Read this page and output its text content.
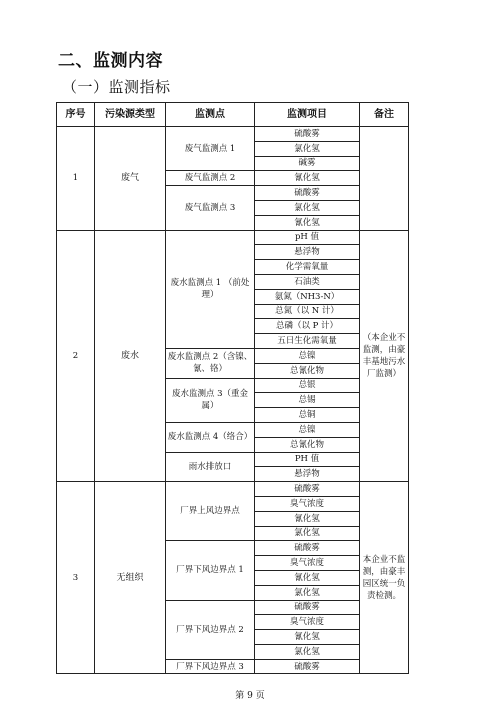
二、监测内容
（一）监测指标
序号	污染源类型	监测点	监测项目	备注
1	废气	废气监测点 1	硫酸雾	
			氯化氢	
			碱雾	
		废气监测点 2	氰化氢	
		废气监测点 3	硫酸雾	
			氯化氢	
			氰化氢	
2	废水	废水监测点 1 （前处理）	pH 值	（本企业不监测，由豪丰基地污水厂监测）
			悬浮物	
			化学需氧量	
			石油类	
			氨氮（NH3-N）	
			总氮（以 N 计）	
			总磷（以 P 计）	
			五日生化需氧量	
		废水监测点 2（含镍、氰、铬）	总镍	
			总氰化物	
		废水监测点 3（重金属）	总银	
			总锡	
			总铜	
		废水监测点 4（络合）	总镍	
			总氰化物	
		雨水排放口	PH 值	
			悬浮物	
3	无组织	厂界上风边界点	硫酸雾	本企业不监测，由豪丰园区统一负责检测。
			臭气浓度	
			氰化氢	
			氯化氢	
		厂界下风边界点 1	硫酸雾	
			臭气浓度	
			氰化氢	
			氯化氢	
		厂界下风边界点 2	硫酸雾	
			臭气浓度	
			氰化氢	
			氯化氢	
		厂界下风边界点 3	硫酸雾	
第 9 页
